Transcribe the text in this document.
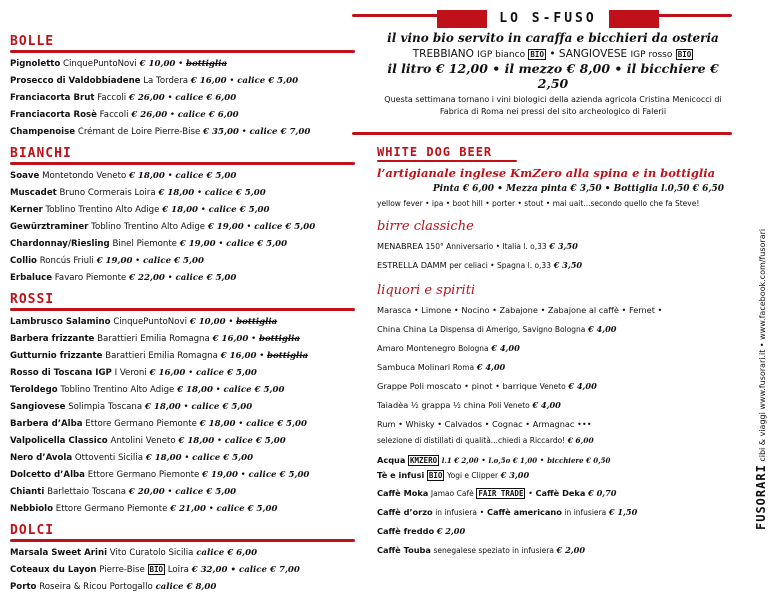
BOLLE
Pignoletto CinquePuntoNovi € 10,00 • bottiglia
Prosecco di Valdobbiadene La Tordera € 16,00 • calice € 5,00
Franciacorta Brut Faccoli € 26,00 • calice € 6,00
Franciacorta Rosè Faccoli € 26,00 • calice € 6,00
Champenoise Crémant de Loire Pierre-Bise € 35,00 • calice € 7,00
BIANCHI
Soave Montetondo Veneto € 18,00 • calice € 5,00
Muscadet Bruno Cormerais Loira € 18,00 • calice € 5,00
Kerner Toblino Trentino Alto Adige € 18,00 • calice € 5,00
Gewürztraminer Toblino Trentino Alto Adige € 19,00 • calice € 5,00
Chardonnay/Riesling Binel Piemonte € 19,00 • calice € 5,00
Collio Roncús Friuli € 19,00 • calice € 5,00
Erbaluce Favaro Piemonte € 22,00 • calice € 5,00
ROSSI
Lambrusco Salamino CinquePuntoNovi € 10,00 • bottiglia
Barbera frizzante Barattieri Emilia Romagna € 16,00 • bottiglia
Gutturnio frizzante Barattieri Emilia Romagna € 16,00 • bottiglia
Rosso di Toscana IGP I Veroni € 16,00 • calice € 5,00
Teroldego Toblino Trentino Alto Adige € 18,00 • calice € 5,00
Sangiovese Solimpia Toscana € 18,00 • calice € 5,00
Barbera d’Alba Ettore Germano Piemonte € 18,00 • calice € 5,00
Valpolicella Classico Antolini Veneto € 18,00 • calice € 5,00
Nero d’Avola Ottoventi Sicilia € 18,00 • calice € 5,00
Dolcetto d’Alba Ettore Germano Piemonte € 19,00 • calice € 5,00
Chianti Barlettaio Toscana € 20,00 • calice € 5,00
Nebbiolo Ettore Germano Piemonte € 21,00 • calice € 5,00
DOLCI
Marsala Sweet Arini Vito Curatolo Sicilia calice € 6,00
Coteaux du Layon Pierre-Bise BIO Loira € 32,00 • calice € 7,00
Porto Roseira & Ricou Portogallo calice € 8,00
LO S-FUSO
il vino bio servito in caraffa e bicchieri da osteria
TREBBIANO IGP bianco BIO • SANGIOVESE IGP rosso BIO
il litro € 12,00 • il mezzo € 8,00 • il bicchiere € 2,50
Questa settimana tornano i vini biologici della azienda agricola Cristina Menicocci di
Fabrica di Roma nei pressi del sito archeologico di Falerii
WHITE DOG BEER
l’artigianale inglese KmZero alla spina e in bottiglia
Pinta € 6,00 • Mezza pinta € 3,50 • Bottiglia l.0,50 € 6,50
yellow fever • ipa • boot hill • porter • stout • mai uait...secondo quello che fa Steve!
birre classiche
MENABREA 150° Anniversario • Italia l. o,33 € 3,50
ESTRELLA DAMM per celiaci • Spagna l. o,33 € 3,50
liquori e spiriti
Marasca • Limone • Nocino • Zabajone • Zabajone al caffè • Fernet •
China China La Dispensa di Amerigo, Savigno Bologna € 4,00
Amaro Montenegro Bologna € 4,00
Sambuca Molinari Roma € 4,00
Grappe Poli moscato • pinot • barrique Veneto € 4,00
Taiadèa ½ grappa ½ china Poli Veneto € 4,00
Rum • Whisky • Calvados • Cognac • Armagnac •••
selezione di distillati di qualità...chiedi a Riccardo! € 6,00
Acqua KMZERO l.1 € 2,00 • l.o,5o € 1,00 • bicchiere € 0,50
Tè e infusi BIO Yogi e Clipper € 3,00
Caffè Moka Jamao Cafè FAIR TRADE • Caffè Deka € 0,70
Caffè d’orzo in infusiera • Caffè americano in infusiera € 1,50
Caffè freddo € 2,00
Caffè Touba senegalese speziato in infusiera € 2,00
FUSORARI cibi & viaggi www.fusorari.it • www.facebook.com/fusorari
